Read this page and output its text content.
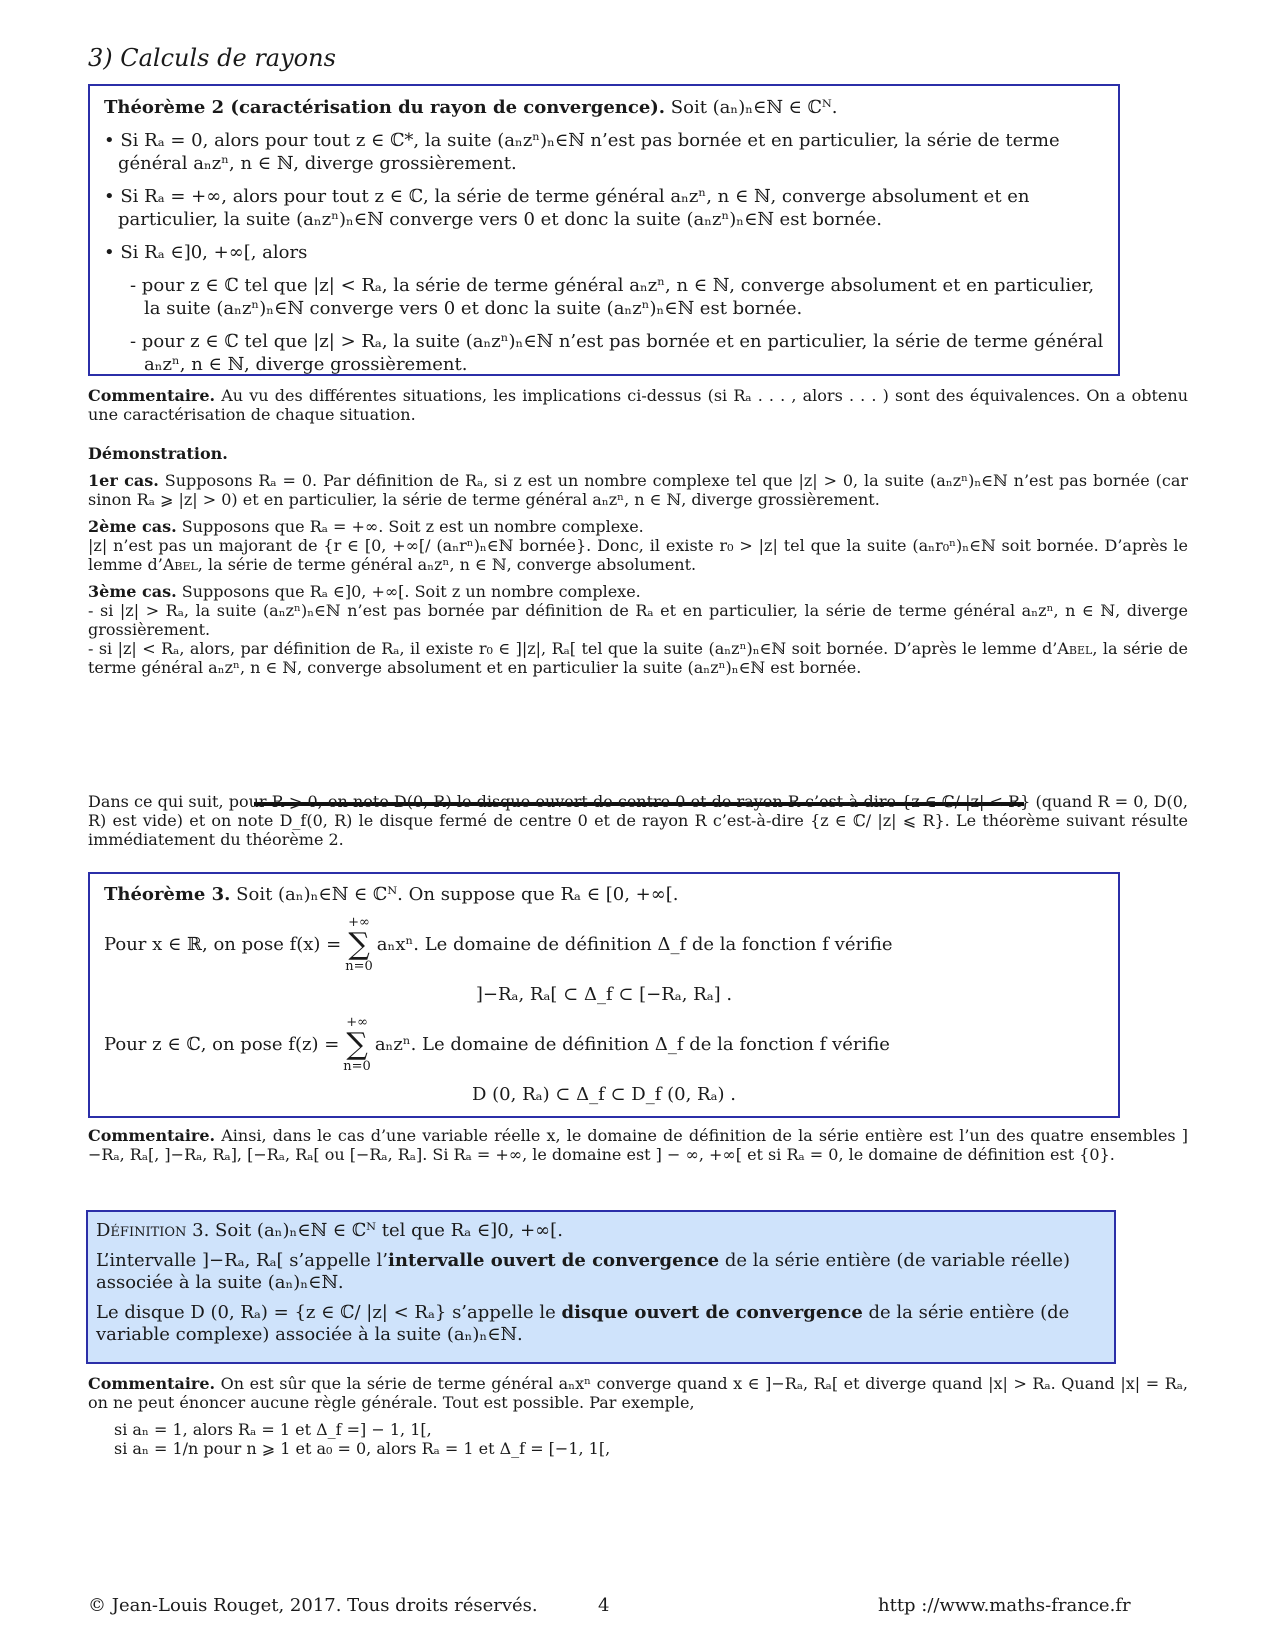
3) Calculs de rayons

Théorème 2 (caractérisation du rayon de convergence). Soit (aₙ)ₙ∈ℕ ∈ ℂᴺ.

• Si Rₐ = 0, alors pour tout z ∈ ℂ*, la suite (aₙzⁿ)ₙ∈ℕ n’est pas bornée et en particulier, la série de terme général aₙzⁿ, n ∈ ℕ, diverge grossièrement.

• Si Rₐ = +∞, alors pour tout z ∈ ℂ, la série de terme général aₙzⁿ, n ∈ ℕ, converge absolument et en particulier, la suite (aₙzⁿ)ₙ∈ℕ converge vers 0 et donc la suite (aₙzⁿ)ₙ∈ℕ est bornée.

• Si Rₐ ∈]0, +∞[, alors

- pour z ∈ ℂ tel que |z| < Rₐ, la série de terme général aₙzⁿ, n ∈ ℕ, converge absolument et en particulier, la suite (aₙzⁿ)ₙ∈ℕ converge vers 0 et donc la suite (aₙzⁿ)ₙ∈ℕ est bornée.

- pour z ∈ ℂ tel que |z| > Rₐ, la suite (aₙzⁿ)ₙ∈ℕ n’est pas bornée et en particulier, la série de terme général aₙzⁿ, n ∈ ℕ, diverge grossièrement.

Commentaire. Au vu des différentes situations, les implications ci-dessus (si Rₐ . . . , alors . . . ) sont des équivalences. On a obtenu une caractérisation de chaque situation.

Démonstration.

1er cas. Supposons Rₐ = 0. Par définition de Rₐ, si z est un nombre complexe tel que |z| > 0, la suite (aₙzⁿ)ₙ∈ℕ n’est pas bornée (car sinon Rₐ ⩾ |z| > 0) et en particulier, la série de terme général aₙzⁿ, n ∈ ℕ, diverge grossièrement.

2ème cas. Supposons que Rₐ = +∞. Soit z est un nombre complexe.
|z| n’est pas un majorant de {r ∈ [0, +∞[/ (aₙrⁿ)ₙ∈ℕ bornée}. Donc, il existe r₀ > |z| tel que la suite (aₙr₀ⁿ)ₙ∈ℕ soit bornée. D’après le lemme d’Abel, la série de terme général aₙzⁿ, n ∈ ℕ, converge absolument.

3ème cas. Supposons que Rₐ ∈]0, +∞[. Soit z un nombre complexe.
- si |z| > Rₐ, la suite (aₙzⁿ)ₙ∈ℕ n’est pas bornée par définition de Rₐ et en particulier, la série de terme général aₙzⁿ, n ∈ ℕ, diverge grossièrement.
- si |z| < Rₐ, alors, par définition de Rₐ, il existe r₀ ∈ ]|z|, Rₐ[ tel que la suite (aₙzⁿ)ₙ∈ℕ soit bornée. D’après le lemme d’Abel, la série de terme général aₙzⁿ, n ∈ ℕ, converge absolument et en particulier la suite (aₙzⁿ)ₙ∈ℕ est bornée.

Dans ce qui suit, pour R ⩾ 0, on note D(0, R) le disque ouvert de centre 0 et de rayon R c’est-à-dire {z ∈ ℂ/ |z| < R} (quand R = 0, D(0, R) est vide) et on note D_f(0, R) le disque fermé de centre 0 et de rayon R c’est-à-dire {z ∈ ℂ/ |z| ⩽ R}. Le théorème suivant résulte immédiatement du théorème 2.

Théorème 3. Soit (aₙ)ₙ∈ℕ ∈ ℂᴺ. On suppose que Rₐ ∈ [0, +∞[.

Pour x ∈ ℝ, on pose f(x) =+∞
∑
n=0aₙxⁿ. Le domaine de définition Δ_f de la fonction f vérifie

]−Rₐ, Rₐ[ ⊂ Δ_f ⊂ [−Rₐ, Rₐ] .

Pour z ∈ ℂ, on pose f(z) =+∞
∑
n=0aₙzⁿ. Le domaine de définition Δ_f de la fonction f vérifie

D (0, Rₐ) ⊂ Δ_f ⊂ D_f (0, Rₐ) .

Commentaire. Ainsi, dans le cas d’une variable réelle x, le domaine de définition de la série entière est l’un des quatre ensembles ]−Rₐ, Rₐ[, ]−Rₐ, Rₐ], [−Rₐ, Rₐ[ ou [−Rₐ, Rₐ]. Si Rₐ = +∞, le domaine est ] − ∞, +∞[ et si Rₐ = 0, le domaine de définition est {0}.

Définition 3. Soit (aₙ)ₙ∈ℕ ∈ ℂᴺ tel que Rₐ ∈]0, +∞[.

L’intervalle ]−Rₐ, Rₐ[ s’appelle l’intervalle ouvert de convergence de la série entière (de variable réelle) associée à la suite (aₙ)ₙ∈ℕ.

Le disque D (0, Rₐ) = {z ∈ ℂ/ |z| < Rₐ} s’appelle le disque ouvert de convergence de la série entière (de variable complexe) associée à la suite (aₙ)ₙ∈ℕ.

Commentaire. On est sûr que la série de terme général aₙxⁿ converge quand x ∈ ]−Rₐ, Rₐ[ et diverge quand |x| > Rₐ. Quand |x| = Rₐ, on ne peut énoncer aucune règle générale. Tout est possible. Par exemple,

si aₙ = 1, alors Rₐ = 1 et Δ_f =] − 1, 1[,

si aₙ = 1/n pour n ⩾ 1 et a₀ = 0, alors Rₐ = 1 et Δ_f = [−1, 1[,

© Jean-Louis Rouget, 2017. Tous droits réservés.	4	http ://www.maths-france.fr
